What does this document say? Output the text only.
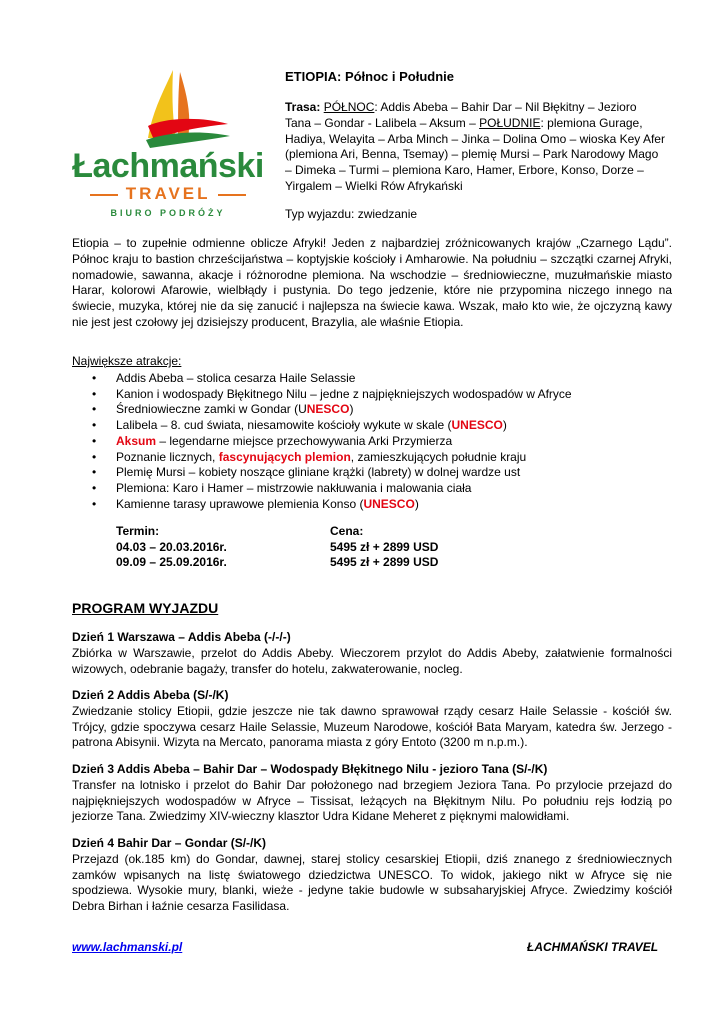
Łachmański
TRAVEL
BIURO PODRÓŻY
ETIOPIA: Północ i Południe
Trasa: PÓŁNOC: Addis Abeba – Bahir Dar – Nil Błękitny – Jezioro Tana – Gondar - Lalibela – Aksum – POŁUDNIE: plemiona Gurage, Hadiya, Welayita – Arba Minch – Jinka – Dolina Omo – wioska Key Afer (plemiona Ari, Benna, Tsemay) – plemię Mursi – Park Narodowy Mago – Dimeka – Turmi – plemiona Karo, Hamer, Erbore, Konso, Dorze – Yirgalem – Wielki Rów Afrykański
Typ wyjazdu: zwiedzanie
Etiopia – to zupełnie odmienne oblicze Afryki! Jeden z najbardziej zróżnicowanych krajów „Czarnego Lądu”. Północ kraju to bastion chrześcijaństwa – koptyjskie kościoły i Amharowie. Na południu – szczątki czarnej Afryki, nomadowie, sawanna, akacje i różnorodne plemiona. Na wschodzie – średniowieczne, muzułmańskie miasto Harar, kolorowi Afarowie, wielbłądy i pustynia. Do tego jedzenie, które nie przypomina niczego innego na świecie, muzyka, której nie da się zanucić i najlepsza na świecie kawa. Wszak, mało kto wie, że ojczyzną kawy nie jest jest czołowy jej dzisiejszy producent, Brazylia, ale właśnie Etiopia.
Największe atrakcje:
• Addis Abeba – stolica cesarza Haile Selassie
• Kanion i wodospady Błękitnego Nilu – jedne z najpiękniejszych wodospadów w Afryce
• Średniowieczne zamki w Gondar (UNESCO)
• Lalibela – 8. cud świata, niesamowite kościoły wykute w skale (UNESCO)
• Aksum – legendarne miejsce przechowywania Arki Przymierza
• Poznanie licznych, fascynujących plemion, zamieszkujących południe kraju
• Plemię Mursi – kobiety noszące gliniane krążki (labrety) w dolnej wardze ust
• Plemiona: Karo i Hamer – mistrzowie nakłuwania i malowania ciała
• Kamienne tarasy uprawowe plemienia Konso (UNESCO)
Termin:
04.03 – 20.03.2016r.
09.09 – 25.09.2016r.
Cena:
5495 zł + 2899 USD
5495 zł + 2899 USD
PROGRAM WYJAZDU
Dzień 1 Warszawa – Addis Abeba (-/-/-)
Zbiórka w Warszawie, przelot do Addis Abeby. Wieczorem przylot do Addis Abeby, załatwienie formalności wizowych, odebranie bagaży, transfer do hotelu, zakwaterowanie, nocleg.
Dzień 2 Addis Abeba (S/-/K)
Zwiedzanie stolicy Etiopii, gdzie jeszcze nie tak dawno sprawował rządy cesarz Haile Selassie - kościół św. Trójcy, gdzie spoczywa cesarz Haile Selassie, Muzeum Narodowe, kościół Bata Maryam, katedra św. Jerzego - patrona Abisynii. Wizyta na Mercato, panorama miasta z góry Entoto (3200 m n.p.m.).
Dzień 3 Addis Abeba – Bahir Dar – Wodospady Błękitnego Nilu - jezioro Tana (S/-/K)
Transfer na lotnisko i przelot do Bahir Dar położonego nad brzegiem Jeziora Tana. Po przylocie przejazd do najpiękniejszych wodospadów w Afryce – Tissisat, leżących na Błękitnym Nilu. Po południu rejs łodzią po jeziorze Tana. Zwiedzimy XIV-wieczny klasztor Udra Kidane Meheret z pięknymi malowidłami.
Dzień 4 Bahir Dar – Gondar (S/-/K)
Przejazd (ok.185 km) do Gondar, dawnej, starej stolicy cesarskiej Etiopii, dziś znanego z średniowiecznych zamków wpisanych na listę światowego dziedzictwa UNESCO. To widok, jakiego nikt w Afryce się nie spodziewa. Wysokie mury, blanki, wieże - jedyne takie budowle w subsaharyjskiej Afryce. Zwiedzimy kościół Debra Birhan i łaźnie cesarza Fasilidasa.
www.lachmanski.pl	ŁACHMAŃSKI TRAVEL
